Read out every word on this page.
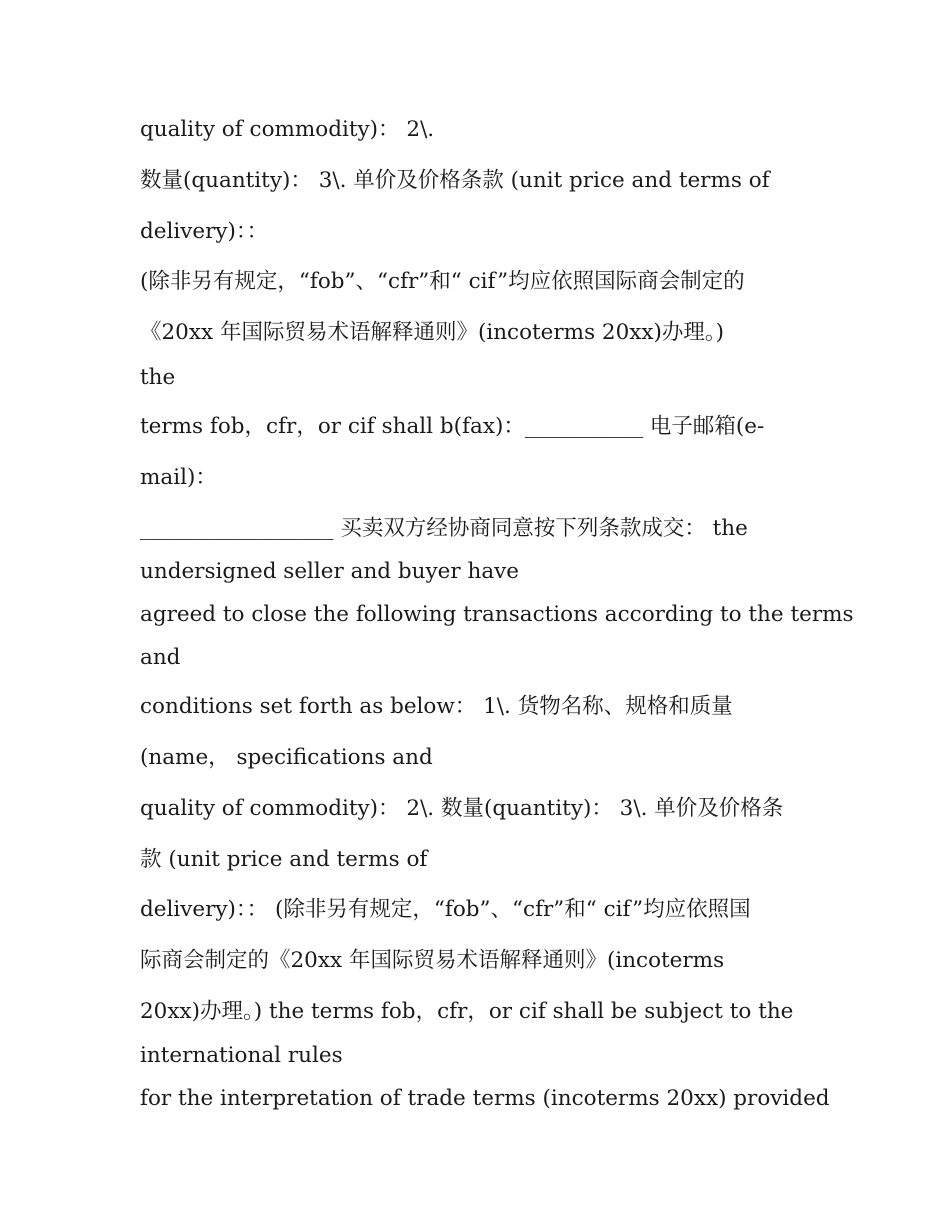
quality of commodity)： 2\.
数量(quantity)： 3\. 单价及价格条款 (unit price and terms of
delivery)：：
(除非另有规定，“fob”、“cfr”和“ cif”均应依照国际商会制定的
《20xx 年国际贸易术语解释通则》(incoterms 20xx)办理。)
the
terms fob，cfr，or cif shall b(fax)：___________ 电子邮箱(e-
mail)：
__________________ 买卖双方经协商同意按下列条款成交： the
undersigned seller and buyer have
agreed to close the following transactions according to the terms
and
conditions set forth as below： 1\. 货物名称、规格和质量
(name， specifications and
quality of commodity)： 2\. 数量(quantity)： 3\. 单价及价格条
款 (unit price and terms of
delivery)：： (除非另有规定，“fob”、“cfr”和“ cif”均应依照国
际商会制定的《20xx 年国际贸易术语解释通则》(incoterms
20xx)办理。) the terms fob，cfr，or cif shall be subject to the
international rules
for the interpretation of trade terms (incoterms 20xx) provided
